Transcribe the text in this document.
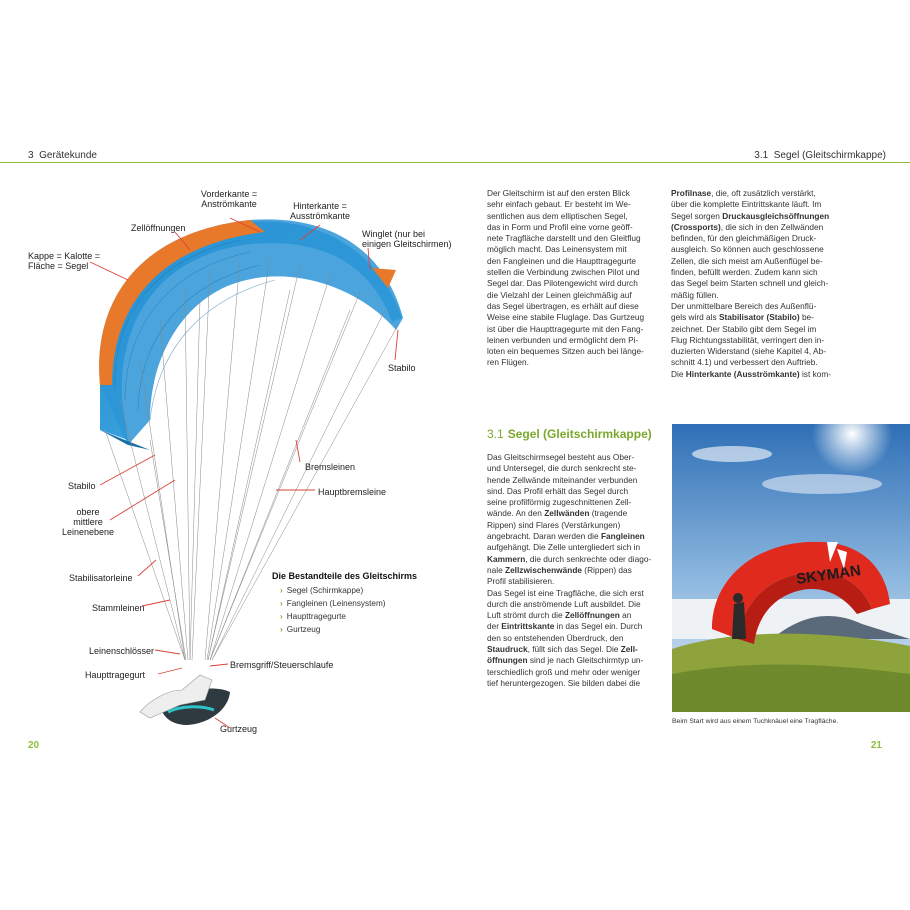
3 Gerätekunde	3.1 Segel (Gleitschirmkappe)
Vorderkante =
Anströmkante	Hinterkante =
Ausströmkante
Zellöffnungen
Winglet (nur bei
einigen Gleitschirmen)
Kappe = Kalotte =
Fläche = Segel
Stabilo
Bremsleinen
Hauptbremsleine
Stabilo
obere
mittlere
Leinenebene
Stabilisatorleine
Stammleinen
Leinenschlösser
Haupttragegurt
Bremsgriff/Steuerschlaufe
Gurtzeug
Die Bestandteile des Gleitschirms
› Segel (Schirmkappe)
› Fangleinen (Leinensystem)
› Haupttragegurte
› Gurtzeug

Der Gleitschirm ist auf den ersten Blick

sehr einfach gebaut. Er besteht im We-

sentlichen aus dem elliptischen Segel,

das in Form und Profil eine vorne geöff-

nete Tragfläche darstellt und den Gleitflug

möglich macht. Das Leinensystem mit

den Fangleinen und die Haupttragegurte

stellen die Verbindung zwischen Pilot und

Segel dar. Das Pilotengewicht wird durch

die Vielzahl der Leinen gleichmäßig auf

das Segel übertragen, es erhält auf diese

Weise eine stabile Fluglage. Das Gurtzeug

ist über die Haupttragegurte mit den Fang-

leinen verbunden und ermöglicht dem Pi-

loten ein bequemes Sitzen auch bei länge-

ren Flügen.

3.1 Segel (Gleitschirmkappe)

Das Gleitschirmsegel besteht aus Ober-

und Untersegel, die durch senkrecht ste-

hende Zellwände miteinander verbunden

sind. Das Profil erhält das Segel durch

seine profilförmig zugeschnittenen Zell-

wände. An den Zellwänden (tragende

Rippen) sind Flares (Verstärkungen)

angebracht. Daran werden die Fangleinen

aufgehängt. Die Zelle untergliedert sich in

Kammern, die durch senkrechte oder diago-

nale Zellzwischenwände (Rippen) das

Profil stabilisieren.

Das Segel ist eine Tragfläche, die sich erst

durch die anströmende Luft ausbildet. Die

Luft strömt durch die Zellöffnungen an

der Eintrittskante in das Segel ein. Durch

den so entstehenden Überdruck, den

Staudruck, füllt sich das Segel. Die Zell-

öffnungen sind je nach Gleitschirmtyp un-

terschiedlich groß und mehr oder weniger

tief heruntergezogen. Sie bilden dabei die

Profilnase, die, oft zusätzlich verstärkt,

über die komplette Eintrittskante läuft. Im

Segel sorgen Druckausgleichsöffnungen

(Crossports), die sich in den Zellwänden

befinden, für den gleichmäßigen Druck-

ausgleich. So können auch geschlossene

Zellen, die sich meist am Außenflügel be-

finden, befüllt werden. Zudem kann sich

das Segel beim Starten schnell und gleich-

mäßig füllen.

Der unmittelbare Bereich des Außenflü-

gels wird als Stabilisator (Stabilo) be-

zeichnet. Der Stabilo gibt dem Segel im

Flug Richtungsstabilität, verringert den in-

duzierten Widerstand (siehe Kapitel 4, Ab-

schnitt 4.1) und verbessert den Auftrieb.

Die Hinterkante (Ausströmkante) ist kom-

SKYMAN
Beim Start wird aus einem Tuchknäuel eine Tragfläche.
20	21
